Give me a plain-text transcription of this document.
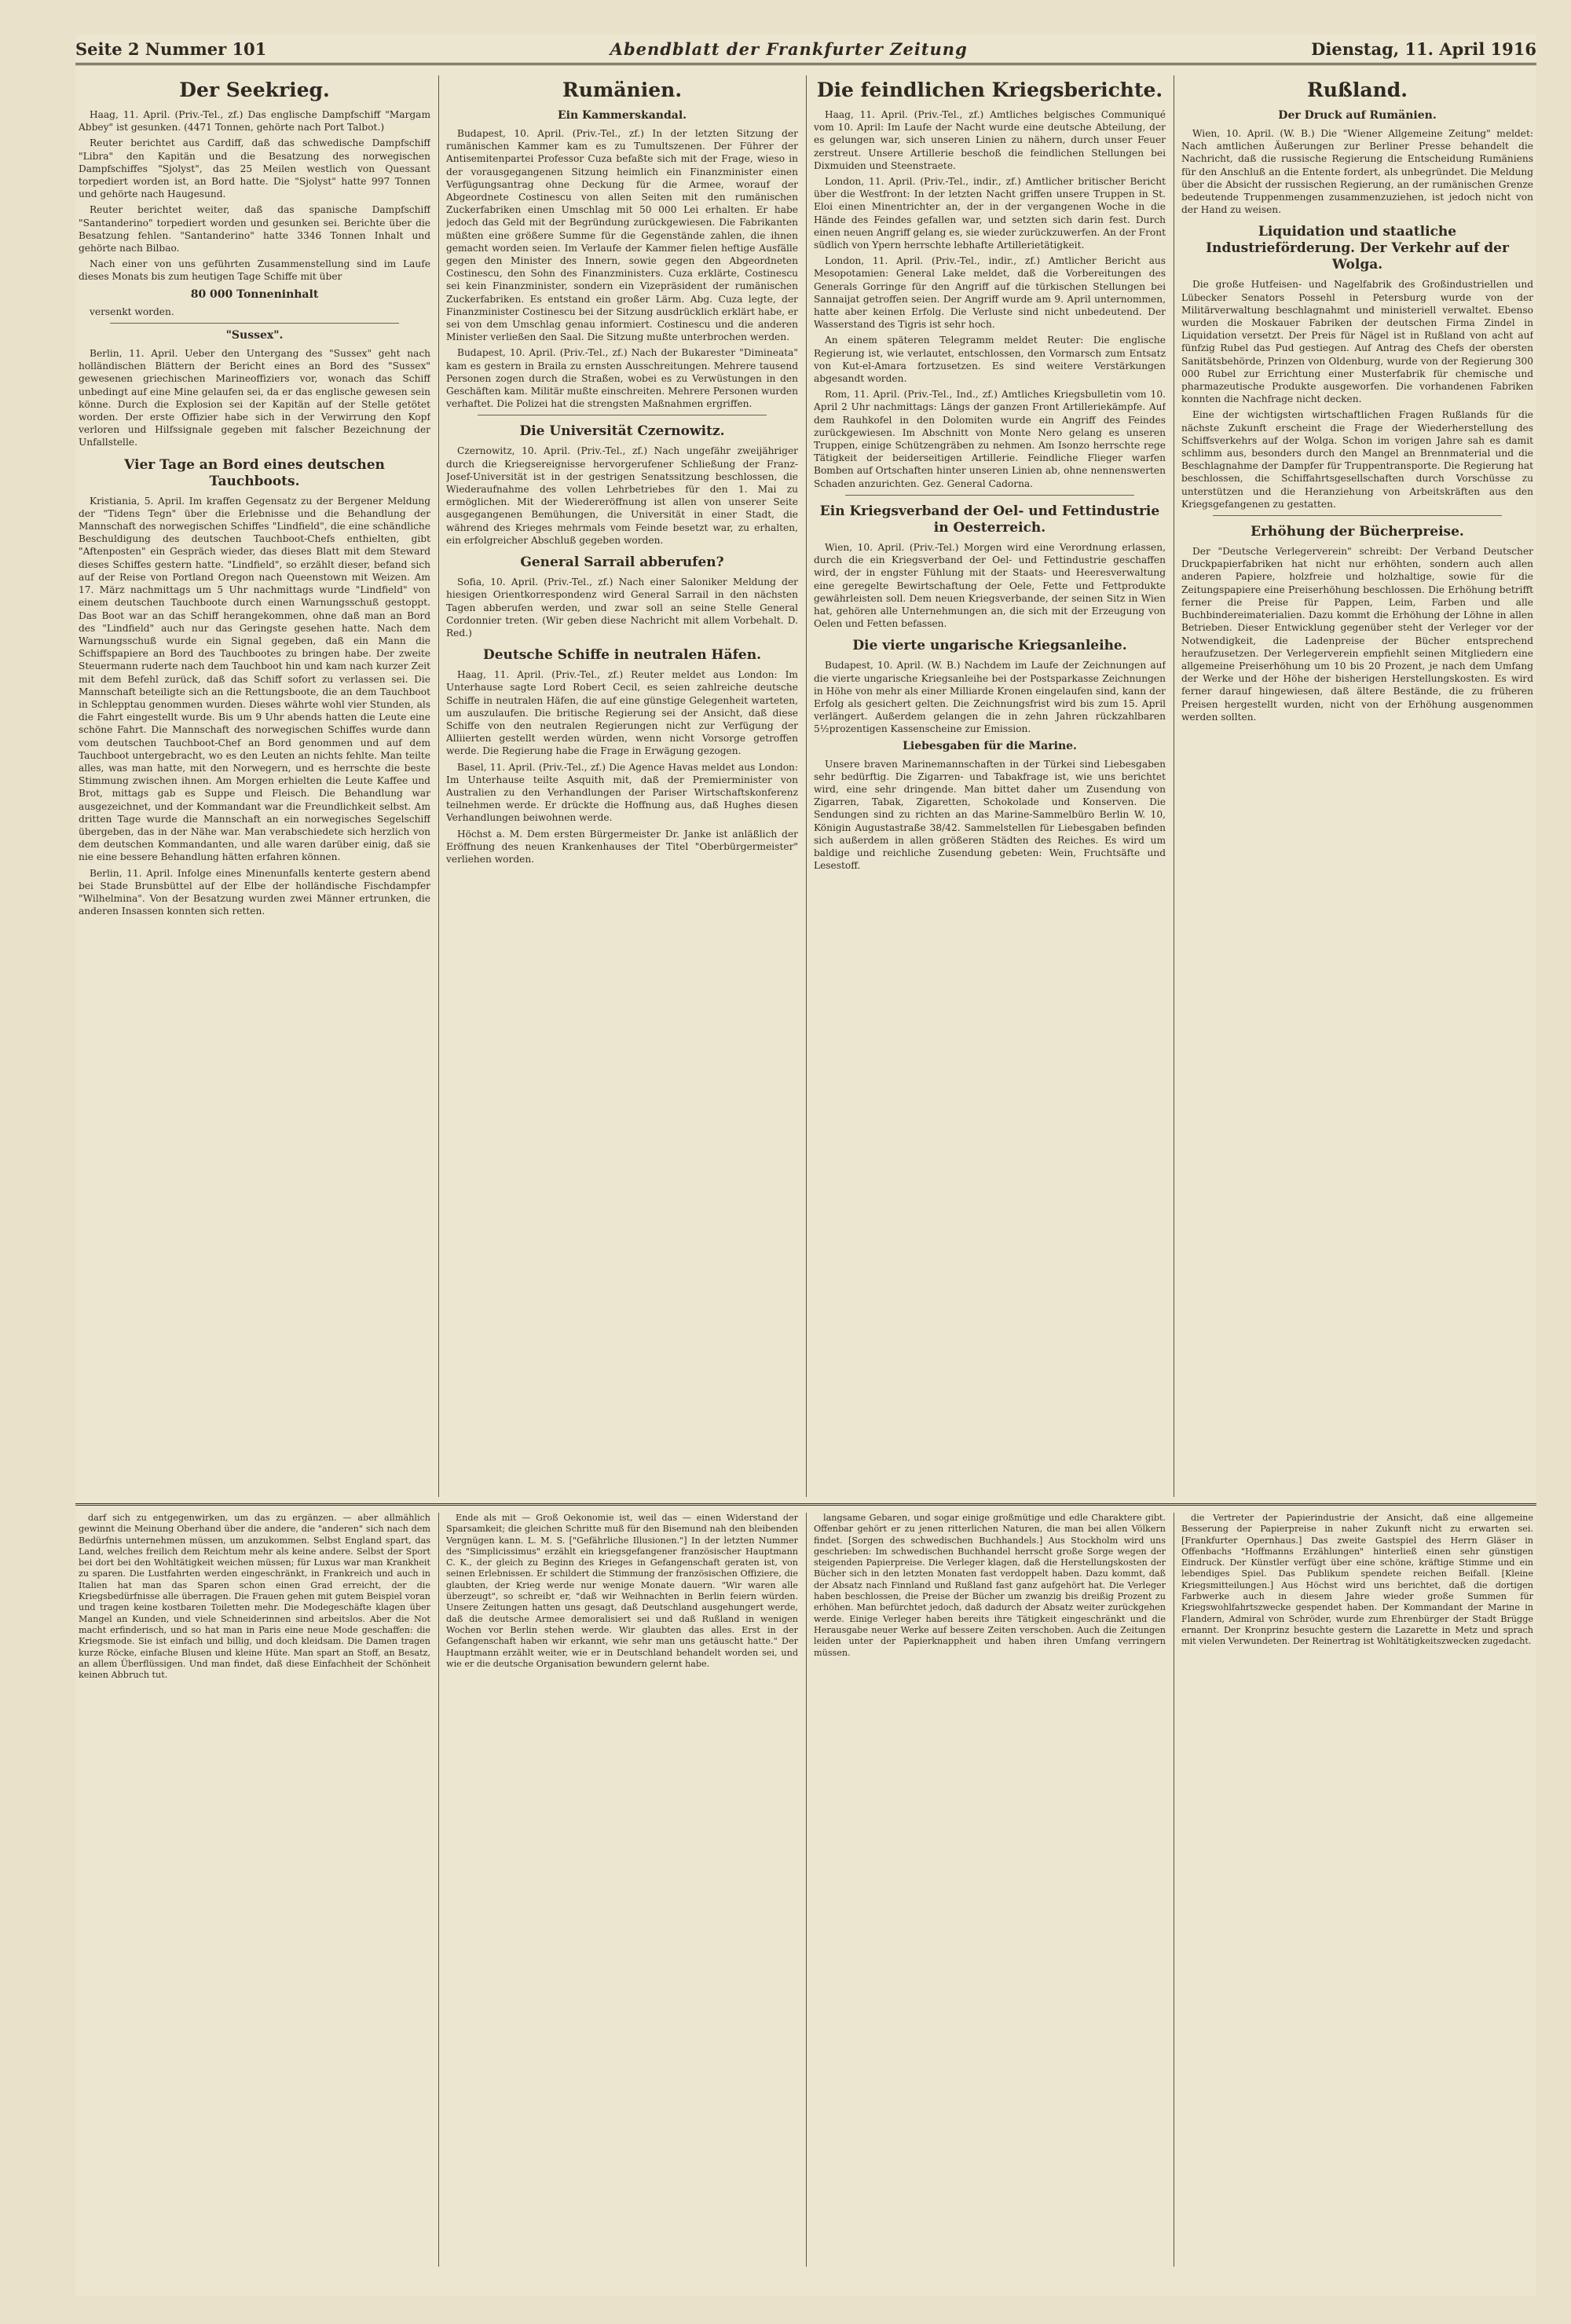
Seite 2 Nummer 101	Abendblatt der Frankfurter Zeitung	Dienstag, 11. April 1916
Der Seekrieg.

Haag, 11. April. (Priv.-Tel., zf.) Das englische Dampfschiff "Margam Abbey" ist gesunken. (4471 Tonnen, gehörte nach Port Talbot.)

Reuter berichtet aus Cardiff, daß das schwedische Dampfschiff "Libra" den Kapitän und die Besatzung des norwegischen Dampfschiffes "Sjolyst", das 25 Meilen westlich von Quessant torpediert worden ist, an Bord hatte. Die "Sjolyst" hatte 997 Tonnen und gehörte nach Haugesund.

Reuter berichtet weiter, daß das spanische Dampfschiff "Santanderino" torpediert worden und gesunken sei. Berichte über die Besatzung fehlen. "Santanderino" hatte 3346 Tonnen Inhalt und gehörte nach Bilbao.

Nach einer von uns geführten Zusammenstellung sind im Laufe dieses Monats bis zum heutigen Tage Schiffe mit über

80 000 Tonneninhalt

versenkt worden.

"Sussex".

Berlin, 11. April. Ueber den Untergang des "Sussex" geht nach holländischen Blättern der Bericht eines an Bord des "Sussex" gewesenen griechischen Marineoffiziers vor, wonach das Schiff unbedingt auf eine Mine gelaufen sei, da er das englische gewesen sein könne. Durch die Explosion sei der Kapitän auf der Stelle getötet worden. Der erste Offizier habe sich in der Verwirrung den Kopf verloren und Hilfssignale gegeben mit falscher Bezeichnung der Unfallstelle.

Vier Tage an Bord eines deutschen Tauchboots.

Kristiania, 5. April. Im kraffen Gegensatz zu der Bergener Meldung der "Tidens Tegn" über die Erlebnisse und die Behandlung der Mannschaft des norwegischen Schiffes "Lindfield", die eine schändliche Beschuldigung des deutschen Tauchboot-Chefs enthielten, gibt "Aftenposten" ein Gespräch wieder, das dieses Blatt mit dem Steward dieses Schiffes gestern hatte. "Lindfield", so erzählt dieser, befand sich auf der Reise von Portland Oregon nach Queenstown mit Weizen. Am 17. März nachmittags um 5 Uhr nachmittags wurde "Lindfield" von einem deutschen Tauchboote durch einen Warnungsschuß gestoppt. Das Boot war an das Schiff herangekommen, ohne daß man an Bord des "Lindfield" auch nur das Geringste gesehen hatte. Nach dem Warnungsschuß wurde ein Signal gegeben, daß ein Mann die Schiffspapiere an Bord des Tauchbootes zu bringen habe. Der zweite Steuermann ruderte nach dem Tauchboot hin und kam nach kurzer Zeit mit dem Befehl zurück, daß das Schiff sofort zu verlassen sei. Die Mannschaft beteiligte sich an die Rettungsboote, die an dem Tauchboot in Schlepptau genommen wurden. Dieses währte wohl vier Stunden, als die Fahrt eingestellt wurde. Bis um 9 Uhr abends hatten die Leute eine schöne Fahrt. Die Mannschaft des norwegischen Schiffes wurde dann vom deutschen Tauchboot-Chef an Bord genommen und auf dem Tauchboot untergebracht, wo es den Leuten an nichts fehlte. Man teilte alles, was man hatte, mit den Norwegern, und es herrschte die beste Stimmung zwischen ihnen. Am Morgen erhielten die Leute Kaffee und Brot, mittags gab es Suppe und Fleisch. Die Behandlung war ausgezeichnet, und der Kommandant war die Freundlichkeit selbst. Am dritten Tage wurde die Mannschaft an ein norwegisches Segelschiff übergeben, das in der Nähe war. Man verabschiedete sich herzlich von dem deutschen Kommandanten, und alle waren darüber einig, daß sie nie eine bessere Behandlung hätten erfahren können.

Berlin, 11. April. Infolge eines Minenunfalls kenterte gestern abend bei Stade Brunsbüttel auf der Elbe der holländische Fischdampfer "Wilhelmina". Von der Besatzung wurden zwei Männer ertrunken, die anderen Insassen konnten sich retten.

Rumänien.
Ein Kammerskandal.

Budapest, 10. April. (Priv.-Tel., zf.) In der letzten Sitzung der rumänischen Kammer kam es zu Tumultszenen. Der Führer der Antisemitenpartei Professor Cuza befaßte sich mit der Frage, wieso in der vorausgegangenen Sitzung heimlich ein Finanzminister einen Verfügungsantrag ohne Deckung für die Armee, worauf der Abgeordnete Costinescu von allen Seiten mit den rumänischen Zuckerfabriken einen Umschlag mit 50 000 Lei erhalten. Er habe jedoch das Geld mit der Begründung zurückgewiesen. Die Fabrikanten müßten eine größere Summe für die Gegenstände zahlen, die ihnen gemacht worden seien. Im Verlaufe der Kammer fielen heftige Ausfälle gegen den Minister des Innern, sowie gegen den Abgeordneten Costinescu, den Sohn des Finanzministers. Cuza erklärte, Costinescu sei kein Finanzminister, sondern ein Vizepräsident der rumänischen Zuckerfabriken. Es entstand ein großer Lärm. Abg. Cuza legte, der Finanzminister Costinescu bei der Sitzung ausdrücklich erklärt habe, er sei von dem Umschlag genau informiert. Costinescu und die anderen Minister verließen den Saal. Die Sitzung mußte unterbrochen werden.

Budapest, 10. April. (Priv.-Tel., zf.) Nach der Bukarester "Dimineata" kam es gestern in Braila zu ernsten Ausschreitungen. Mehrere tausend Personen zogen durch die Straßen, wobei es zu Verwüstungen in den Geschäften kam. Militär mußte einschreiten. Mehrere Personen wurden verhaftet. Die Polizei hat die strengsten Maßnahmen ergriffen.

Die Universität Czernowitz.

Czernowitz, 10. April. (Priv.-Tel., zf.) Nach ungefähr zweijähriger durch die Kriegsereignisse hervorgerufener Schließung der Franz-Josef-Universität ist in der gestrigen Senatssitzung beschlossen, die Wiederaufnahme des vollen Lehrbetriebes für den 1. Mai zu ermöglichen. Mit der Wiedereröffnung ist allen von unserer Seite ausgegangenen Bemühungen, die Universität in einer Stadt, die während des Krieges mehrmals vom Feinde besetzt war, zu erhalten, ein erfolgreicher Abschluß gegeben worden.

General Sarrail abberufen?

Sofia, 10. April. (Priv.-Tel., zf.) Nach einer Saloniker Meldung der hiesigen Orientkorrespondenz wird General Sarrail in den nächsten Tagen abberufen werden, und zwar soll an seine Stelle General Cordonnier treten. (Wir geben diese Nachricht mit allem Vorbehalt. D. Red.)

Deutsche Schiffe in neutralen Häfen.

Haag, 11. April. (Priv.-Tel., zf.) Reuter meldet aus London: Im Unterhause sagte Lord Robert Cecil, es seien zahlreiche deutsche Schiffe in neutralen Häfen, die auf eine günstige Gelegenheit warteten, um auszulaufen. Die britische Regierung sei der Ansicht, daß diese Schiffe von den neutralen Regierungen nicht zur Verfügung der Alliierten gestellt werden würden, wenn nicht Vorsorge getroffen werde. Die Regierung habe die Frage in Erwägung gezogen.

Basel, 11. April. (Priv.-Tel., zf.) Die Agence Havas meldet aus London: Im Unterhause teilte Asquith mit, daß der Premierminister von Australien zu den Verhandlungen der Pariser Wirtschaftskonferenz teilnehmen werde. Er drückte die Hoffnung aus, daß Hughes diesen Verhandlungen beiwohnen werde.

Höchst a. M. Dem ersten Bürgermeister Dr. Janke ist anläßlich der Eröffnung des neuen Krankenhauses der Titel "Oberbürgermeister" verliehen worden.

Die feindlichen Kriegsberichte.

Haag, 11. April. (Priv.-Tel., zf.) Amtliches belgisches Communiqué vom 10. April: Im Laufe der Nacht wurde eine deutsche Abteilung, der es gelungen war, sich unseren Linien zu nähern, durch unser Feuer zerstreut. Unsere Artillerie beschoß die feindlichen Stellungen bei Dixmuiden und Steenstraete.

London, 11. April. (Priv.-Tel., indir., zf.) Amtlicher britischer Bericht über die Westfront: In der letzten Nacht griffen unsere Truppen in St. Eloi einen Minentrichter an, der in der vergangenen Woche in die Hände des Feindes gefallen war, und setzten sich darin fest. Durch einen neuen Angriff gelang es, sie wieder zurückzuwerfen. An der Front südlich von Ypern herrschte lebhafte Artillerietätigkeit.

London, 11. April. (Priv.-Tel., indir., zf.) Amtlicher Bericht aus Mesopotamien: General Lake meldet, daß die Vorbereitungen des Generals Gorringe für den Angriff auf die türkischen Stellungen bei Sannaijat getroffen seien. Der Angriff wurde am 9. April unternommen, hatte aber keinen Erfolg. Die Verluste sind nicht unbedeutend. Der Wasserstand des Tigris ist sehr hoch.

An einem späteren Telegramm meldet Reuter: Die englische Regierung ist, wie verlautet, entschlossen, den Vormarsch zum Entsatz von Kut-el-Amara fortzusetzen. Es sind weitere Verstärkungen abgesandt worden.

Rom, 11. April. (Priv.-Tel., Ind., zf.) Amtliches Kriegsbulletin vom 10. April 2 Uhr nachmittags: Längs der ganzen Front Artilleriekämpfe. Auf dem Rauhkofel in den Dolomiten wurde ein Angriff des Feindes zurückgewiesen. Im Abschnitt von Monte Nero gelang es unseren Truppen, einige Schützengräben zu nehmen. Am Isonzo herrschte rege Tätigkeit der beiderseitigen Artillerie. Feindliche Flieger warfen Bomben auf Ortschaften hinter unseren Linien ab, ohne nennenswerten Schaden anzurichten. Gez. General Cadorna.

Ein Kriegsverband der Oel- und Fettindustrie in Oesterreich.

Wien, 10. April. (Priv.-Tel.) Morgen wird eine Verordnung erlassen, durch die ein Kriegsverband der Oel- und Fettindustrie geschaffen wird, der in engster Fühlung mit der Staats- und Heeresverwaltung eine geregelte Bewirtschaftung der Oele, Fette und Fettprodukte gewährleisten soll. Dem neuen Kriegsverbande, der seinen Sitz in Wien hat, gehören alle Unternehmungen an, die sich mit der Erzeugung von Oelen und Fetten befassen.

Die vierte ungarische Kriegsanleihe.

Budapest, 10. April. (W. B.) Nachdem im Laufe der Zeichnungen auf die vierte ungarische Kriegsanleihe bei der Postsparkasse Zeichnungen in Höhe von mehr als einer Milliarde Kronen eingelaufen sind, kann der Erfolg als gesichert gelten. Die Zeichnungsfrist wird bis zum 15. April verlängert. Außerdem gelangen die in zehn Jahren rückzahlbaren 5½prozentigen Kassenscheine zur Emission.

Liebesgaben für die Marine.

Unsere braven Marinemannschaften in der Türkei sind Liebesgaben sehr bedürftig. Die Zigarren- und Tabakfrage ist, wie uns berichtet wird, eine sehr dringende. Man bittet daher um Zusendung von Zigarren, Tabak, Zigaretten, Schokolade und Konserven. Die Sendungen sind zu richten an das Marine-Sammelbüro Berlin W. 10, Königin Augustastraße 38/42. Sammelstellen für Liebesgaben befinden sich außerdem in allen größeren Städten des Reiches. Es wird um baldige und reichliche Zusendung gebeten: Wein, Fruchtsäfte und Lesestoff.

Rußland.
Der Druck auf Rumänien.

Wien, 10. April. (W. B.) Die "Wiener Allgemeine Zeitung" meldet: Nach amtlichen Äußerungen zur Berliner Presse behandelt die Nachricht, daß die russische Regierung die Entscheidung Rumäniens für den Anschluß an die Entente fordert, als unbegründet. Die Meldung über die Absicht der russischen Regierung, an der rumänischen Grenze bedeutende Truppenmengen zusammenzuziehen, ist jedoch nicht von der Hand zu weisen.

Liquidation und staatliche Industrieförderung. Der Verkehr auf der Wolga.

Die große Hutfeisen- und Nagelfabrik des Großindustriellen und Lübecker Senators Possehl in Petersburg wurde von der Militärverwaltung beschlagnahmt und ministeriell verwaltet. Ebenso wurden die Moskauer Fabriken der deutschen Firma Zindel in Liquidation versetzt. Der Preis für Nägel ist in Rußland von acht auf fünfzig Rubel das Pud gestiegen. Auf Antrag des Chefs der obersten Sanitätsbehörde, Prinzen von Oldenburg, wurde von der Regierung 300 000 Rubel zur Errichtung einer Musterfabrik für chemische und pharmazeutische Produkte ausgeworfen. Die vorhandenen Fabriken konnten die Nachfrage nicht decken.

Eine der wichtigsten wirtschaftlichen Fragen Rußlands für die nächste Zukunft erscheint die Frage der Wiederherstellung des Schiffsverkehrs auf der Wolga. Schon im vorigen Jahre sah es damit schlimm aus, besonders durch den Mangel an Brennmaterial und die Beschlagnahme der Dampfer für Truppentransporte. Die Regierung hat beschlossen, die Schiffahrtsgesellschaften durch Vorschüsse zu unterstützen und die Heranziehung von Arbeitskräften aus den Kriegsgefangenen zu gestatten.

Erhöhung der Bücherpreise.

Der "Deutsche Verlegerverein" schreibt: Der Verband Deutscher Druckpapierfabriken hat nicht nur erhöhten, sondern auch allen anderen Papiere, holzfreie und holzhaltige, sowie für die Zeitungspapiere eine Preiserhöhung beschlossen. Die Erhöhung betrifft ferner die Preise für Pappen, Leim, Farben und alle Buchbindereimaterialien. Dazu kommt die Erhöhung der Löhne in allen Betrieben. Dieser Entwicklung gegenüber steht der Verleger vor der Notwendigkeit, die Ladenpreise der Bücher entsprechend heraufzusetzen. Der Verlegerverein empfiehlt seinen Mitgliedern eine allgemeine Preiserhöhung um 10 bis 20 Prozent, je nach dem Umfang der Werke und der Höhe der bisherigen Herstellungskosten. Es wird ferner darauf hingewiesen, daß ältere Bestände, die zu früheren Preisen hergestellt wurden, nicht von der Erhöhung ausgenommen werden sollten.

darf sich zu entgegenwirken, um das zu ergänzen. — aber allmählich gewinnt die Meinung Oberhand über die andere, die "anderen" sich nach dem Bedürfnis unternehmen müssen, um anzukommen. Selbst England spart, das Land, welches freilich dem Reichtum mehr als keine andere. Selbst der Sport bei dort bei den Wohltätigkeit weichen müssen; für Luxus war man Krankheit zu sparen. Die Lustfahrten werden eingeschränkt, in Frankreich und auch in Italien hat man das Sparen schon einen Grad erreicht, der die Kriegsbedürfnisse alle überragen. Die Frauen gehen mit gutem Beispiel voran und tragen keine kostbaren Toiletten mehr. Die Modegeschäfte klagen über Mangel an Kunden, und viele Schneiderinnen sind arbeitslos. Aber die Not macht erfinderisch, und so hat man in Paris eine neue Mode geschaffen: die Kriegsmode. Sie ist einfach und billig, und doch kleidsam. Die Damen tragen kurze Röcke, einfache Blusen und kleine Hüte. Man spart an Stoff, an Besatz, an allem Überflüssigen. Und man findet, daß diese Einfachheit der Schönheit keinen Abbruch tut.

Ende als mit — Groß Oekonomie ist, weil das — einen Widerstand der Sparsamkeit; die gleichen Schritte muß für den Bisemund nah den bleibenden Vergnügen kann. L. M. S. ["Gefährliche Illusionen."] In der letzten Nummer des "Simplicissimus" erzählt ein kriegsgefangener französischer Hauptmann C. K., der gleich zu Beginn des Krieges in Gefangenschaft geraten ist, von seinen Erlebnissen. Er schildert die Stimmung der französischen Offiziere, die glaubten, der Krieg werde nur wenige Monate dauern. "Wir waren alle überzeugt", so schreibt er, "daß wir Weihnachten in Berlin feiern würden. Unsere Zeitungen hatten uns gesagt, daß Deutschland ausgehungert werde, daß die deutsche Armee demoralisiert sei und daß Rußland in wenigen Wochen vor Berlin stehen werde. Wir glaubten das alles. Erst in der Gefangenschaft haben wir erkannt, wie sehr man uns getäuscht hatte." Der Hauptmann erzählt weiter, wie er in Deutschland behandelt worden sei, und wie er die deutsche Organisation bewundern gelernt habe.

langsame Gebaren, und sogar einige großmütige und edle Charaktere gibt. Offenbar gehört er zu jenen ritterlichen Naturen, die man bei allen Völkern findet. [Sorgen des schwedischen Buchhandels.] Aus Stockholm wird uns geschrieben: Im schwedischen Buchhandel herrscht große Sorge wegen der steigenden Papierpreise. Die Verleger klagen, daß die Herstellungskosten der Bücher sich in den letzten Monaten fast verdoppelt haben. Dazu kommt, daß der Absatz nach Finnland und Rußland fast ganz aufgehört hat. Die Verleger haben beschlossen, die Preise der Bücher um zwanzig bis dreißig Prozent zu erhöhen. Man befürchtet jedoch, daß dadurch der Absatz weiter zurückgehen werde. Einige Verleger haben bereits ihre Tätigkeit eingeschränkt und die Herausgabe neuer Werke auf bessere Zeiten verschoben. Auch die Zeitungen leiden unter der Papierknappheit und haben ihren Umfang verringern müssen.

die Vertreter der Papierindustrie der Ansicht, daß eine allgemeine Besserung der Papierpreise in naher Zukunft nicht zu erwarten sei. [Frankfurter Opernhaus.] Das zweite Gastspiel des Herrn Gläser in Offenbachs "Hoffmanns Erzählungen" hinterließ einen sehr günstigen Eindruck. Der Künstler verfügt über eine schöne, kräftige Stimme und ein lebendiges Spiel. Das Publikum spendete reichen Beifall. [Kleine Kriegsmitteilungen.] Aus Höchst wird uns berichtet, daß die dortigen Farbwerke auch in diesem Jahre wieder große Summen für Kriegswohlfahrtszwecke gespendet haben. Der Kommandant der Marine in Flandern, Admiral von Schröder, wurde zum Ehrenbürger der Stadt Brügge ernannt. Der Kronprinz besuchte gestern die Lazarette in Metz und sprach mit vielen Verwundeten. Der Reinertrag ist Wohltätigkeitszwecken zugedacht.
